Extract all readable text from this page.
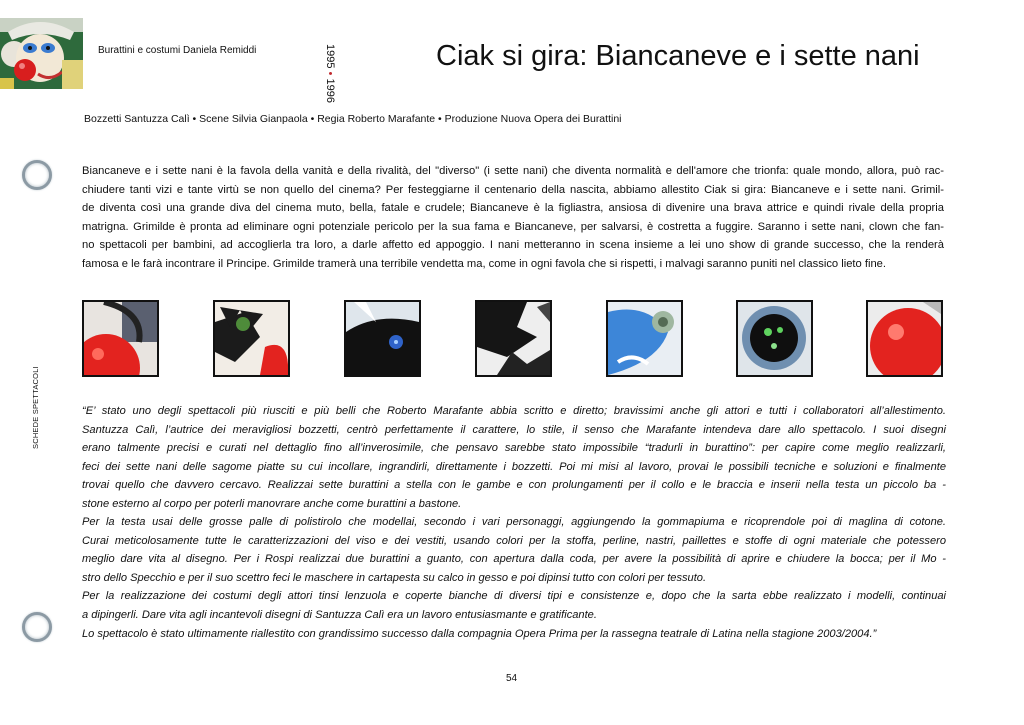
Burattini e costumi Daniela Remiddi	1995 • 1996
Ciak si gira: Biancaneve e i sette nani
Bozzetti Santuzza Calì • Scene Silvia Gianpaola • Regia Roberto Marafante • Produzione Nuova Opera dei Burattini
SCHEDE SPETTACOLI
Biancaneve e i sette nani è la favola della vanità e della rivalità, del "diverso" (i sette nani) che diventa normalità e dell'amore che trionfa: quale mondo, allora, può rac-
chiudere tanti vizi e tante virtù se non quello del cinema? Per festeggiarne il centenario della nascita, abbiamo allestito Ciak si gira: Biancaneve e i sette nani. Grimil-
de diventa così una grande diva del cinema muto, bella, fatale e crudele; Biancaneve è la figliastra, ansiosa di divenire una brava attrice e quindi rivale della propria
matrigna. Grimilde è pronta ad eliminare ogni potenziale pericolo per la sua fama e Biancaneve, per salvarsi, è costretta a fuggire. Saranno i sette nani, clown che fan-
no spettacoli per bambini, ad accoglierla tra loro, a darle affetto ed appoggio. I nani metteranno in scena insieme a lei uno show di grande successo, che la renderà
famosa e le farà incontrare il Principe. Grimilde tramerà una terribile vendetta ma, come in ogni favola che si rispetti, i malvagi saranno puniti nel classico lieto fine.
“E’ stato uno degli spettacoli più riusciti e più belli che Roberto Marafante abbia scritto e diretto; bravissimi anche gli attori e tutti i collaboratori all’allestimento.
Santuzza Calì, l’autrice dei meravigliosi bozzetti, centrò perfettamente il carattere, lo stile, il senso che Marafante intendeva dare allo spettacolo. I suoi disegni
erano talmente precisi e curati nel dettaglio fino all’inverosimile, che pensavo sarebbe stato impossibile “tradurli in burattino”: per capire come meglio realizzarli,
feci dei sette nani delle sagome piatte su cui incollare, ingrandirli, direttamente i bozzetti. Poi mi misi al lavoro, provai le possibili tecniche e soluzioni e finalmente
trovai quello che davvero cercavo. Realizzai sette burattini a stella con le gambe e con prolungamenti per il collo e le braccia e inserii nella testa un piccolo ba -
stone esterno al corpo per poterli manovrare anche come burattini a bastone.
Per la testa usai delle grosse palle di polistirolo che modellai, secondo i vari personaggi, aggiungendo la gommapiuma e ricoprendole poi di maglina di cotone.
Curai meticolosamente tutte le caratterizzazioni del viso e dei vestiti, usando colori per la stoffa, perline, nastri, paillettes e stoffe di ogni materiale che potessero
meglio dare vita al disegno. Per i Rospi realizzai due burattini a guanto, con apertura dalla coda, per avere la possibilità di aprire e chiudere la bocca; per il Mo -
stro dello Specchio e per il suo scettro feci le maschere in cartapesta su calco in gesso e poi dipinsi tutto con colori per tessuto.
Per la realizzazione dei costumi degli attori tinsi lenzuola e coperte bianche di diversi tipi e consistenze e, dopo che la sarta ebbe realizzato i modelli, continuai
a dipingerli. Dare vita agli incantevoli disegni di Santuzza Calì era un lavoro entusiasmante e gratificante.
Lo spettacolo è stato ultimamente riallestito con grandissimo successo dalla compagnia Opera Prima per la rassegna teatrale di Latina nella stagione 2003/2004.”
54
